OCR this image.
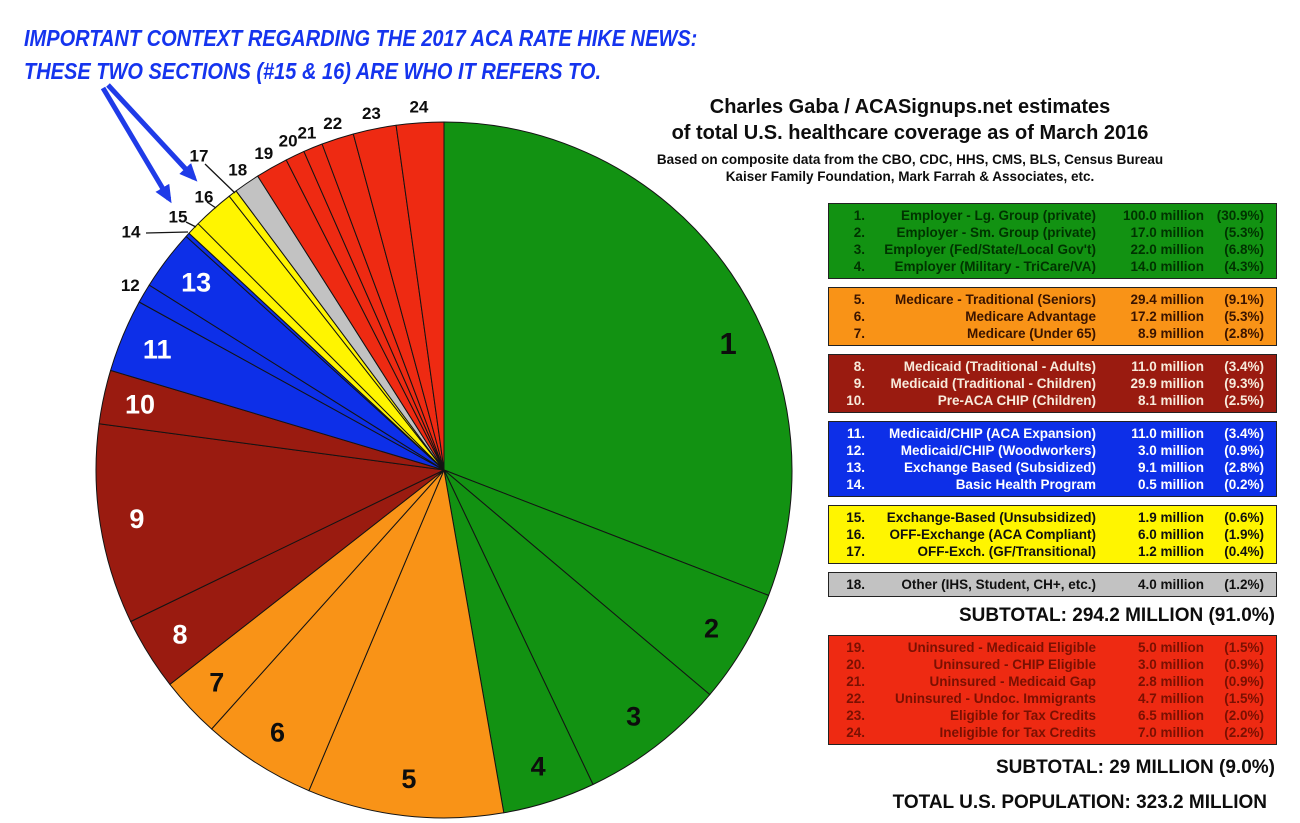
IMPORTANT CONTEXT REGARDING THE 2017 ACA RATE HIKE NEWS:
THESE TWO SECTIONS (#15 & 16) ARE WHO IT REFERS TO.
1
2
3
4
5
6
7
8
9
10
11
12 13
14
15
16
17
18
19
20 21 22
23 24	Charles Gaba / ACASignups.net estimates
of total U.S. healthcare coverage as of March 2016
Based on composite data from the CBO, CDC, HHS, CMS, BLS, Census Bureau
Kaiser Family Foundation, Mark Farrah & Associates, etc.
1.	Employer - Lg. Group (private)	100.0 million (30.9%)
2.	Employer - Sm. Group (private)	17.0 million	(5.3%)
3.	Employer (Fed/State/Local Gov't)	22.0 million	(6.8%)
4.	Employer (Military - TriCare/VA)	14.0 million	(4.3%)
5.	Medicare - Traditional (Seniors)	29.4 million	(9.1%)
6.	Medicare Advantage	17.2 million	(5.3%)
7.	Medicare (Under 65)	8.9 million	(2.8%)
8.	Medicaid (Traditional - Adults)	11.0 million	(3.4%)
9.	Medicaid (Traditional - Children)	29.9 million	(9.3%)
10.	Pre-ACA CHIP (Children)	8.1 million	(2.5%)
11.	Medicaid/CHIP (ACA Expansion)	11.0 million	(3.4%)
12.	Medicaid/CHIP (Woodworkers)	3.0 million	(0.9%)
13.	Exchange Based (Subsidized)	9.1 million	(2.8%)
14.	Basic Health Program	0.5 million	(0.2%)
15.	Exchange-Based (Unsubsidized)	1.9 million	(0.6%)
16.	OFF-Exchange (ACA Compliant)	6.0 million	(1.9%)
17.	OFF-Exch. (GF/Transitional)	1.2 million	(0.4%)
18.	Other (IHS, Student, CH+, etc.)	4.0 million	(1.2%)
SUBTOTAL: 294.2 MILLION (91.0%)
19.	Uninsured - Medicaid Eligible	5.0 million	(1.5%)
20.	Uninsured - CHIP Eligible	3.0 million	(0.9%)
21.	Uninsured - Medicaid Gap	2.8 million	(0.9%)
22.	Uninsured - Undoc. Immigrants	4.7 million	(1.5%)
23.	Eligible for Tax Credits	6.5 million	(2.0%)
24.	Ineligible for Tax Credits	7.0 million	(2.2%)
SUBTOTAL: 29 MILLION (9.0%)
TOTAL U.S. POPULATION: 323.2 MILLION
